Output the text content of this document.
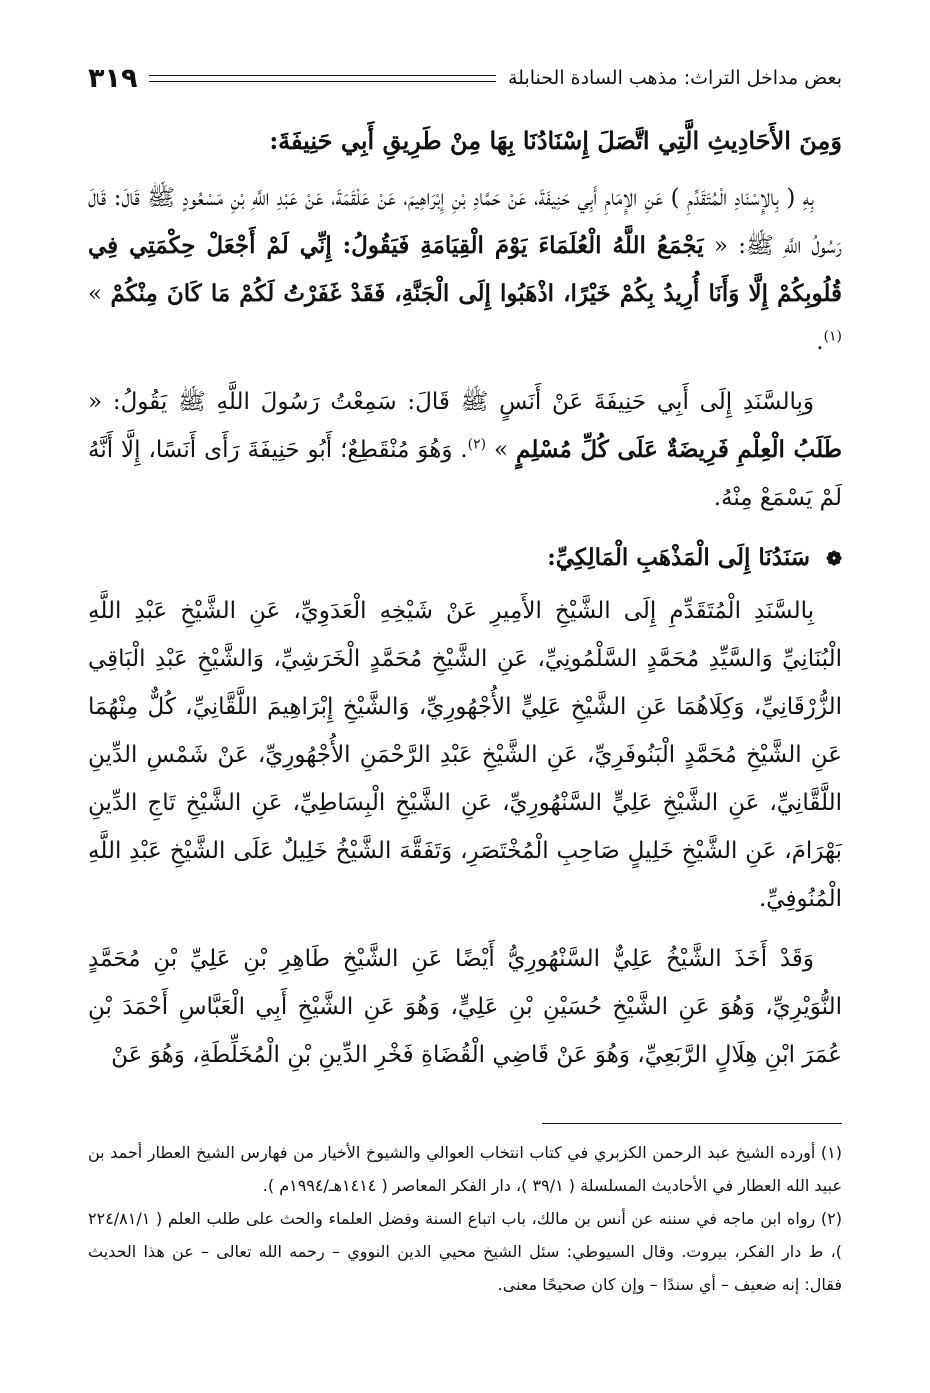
بعض مداخل التراث: مذهب السادة الحنابلة
٣١٩
وَمِنَ الأَحَادِيثِ الَّتِي اتَّصَلَ إِسْنَادُنَا بِهَا مِنْ طَرِيقِ أَبِي حَنِيفَةَ:

بِهِ ( بِالإِسْنَادِ الْمُتَقَدِّمِ ) عَنِ الإِمَامِ أَبِي حَنِيفَةَ، عَنْ حَمَّادِ بْنِ إِبْرَاهِيمَ، عَنْ عَلْقَمَةَ، عَنْ عَبْدِ اللَّهِ بْنِ مَسْعُودٍ ﷺ قَالَ: قَالَ رَسُولُ اللَّهِ ﷺ: « يَجْمَعُ اللَّهُ الْعُلَمَاءَ يَوْمَ الْقِيَامَةِ فَيَقُولُ: إِنِّي لَمْ أَجْعَلْ حِكْمَتِي فِي قُلُوبِكُمْ إِلَّا وَأَنَا أُرِيدُ بِكُمْ خَيْرًا، اذْهَبُوا إِلَى الْجَنَّةِ، فَقَدْ غَفَرْتُ لَكُمْ مَا كَانَ مِنْكُمْ » $^{(١)}$.

وَبِالسَّنَدِ إِلَى أَبِي حَنِيفَةَ عَنْ أَنَسٍ ﷺ قَالَ: سَمِعْتُ رَسُولَ اللَّهِ ﷺ يَقُولُ: « طَلَبُ الْعِلْمِ فَرِيضَةٌ عَلَى كُلِّ مُسْلِمٍ » $^{(٢)}$. وَهُوَ مُنْقَطِعٌ؛ أَبُو حَنِيفَةَ رَأَى أَنَسًا، إِلَّا أَنَّهُ لَمْ يَسْمَعْ مِنْهُ.

❁ سَنَدُنَا إِلَى الْمَذْهَبِ الْمَالِكِيِّ:

بِالسَّنَدِ الْمُتَقَدِّمِ إِلَى الشَّيْخِ الأَمِيرِ عَنْ شَيْخِهِ الْعَدَوِيِّ، عَنِ الشَّيْخِ عَبْدِ اللَّهِ الْبُنَانِيِّ وَالسَّيِّدِ مُحَمَّدٍ السَّلْمُونِيِّ، عَنِ الشَّيْخِ مُحَمَّدٍ الْخَرَشِيِّ، وَالشَّيْخِ عَبْدِ الْبَاقِي الزُّرْقَانِيِّ، وَكِلَاهُمَا عَنِ الشَّيْخِ عَلِيٍّ الأُجْهُورِيِّ، وَالشَّيْخِ إِبْرَاهِيمَ اللَّقَّانِيِّ، كُلٌّ مِنْهُمَا عَنِ الشَّيْخِ مُحَمَّدٍ الْبَنُوفَرِيِّ، عَنِ الشَّيْخِ عَبْدِ الرَّحْمَنِ الأُجْهُورِيِّ، عَنْ شَمْسِ الدِّينِ اللَّقَّانِيِّ، عَنِ الشَّيْخِ عَلِيٍّ السَّنْهُورِيِّ، عَنِ الشَّيْخِ الْبِسَاطِيِّ، عَنِ الشَّيْخِ تَاجِ الدِّينِ بَهْرَامَ، عَنِ الشَّيْخِ خَلِيلٍ صَاحِبِ الْمُخْتَصَرِ، وَتَفَقَّهَ الشَّيْخُ خَلِيلٌ عَلَى الشَّيْخِ عَبْدِ اللَّهِ الْمُنُوفِيِّ.

وَقَدْ أَخَذَ الشَّيْخُ عَلِيٌّ السَّنْهُورِيُّ أَيْضًا عَنِ الشَّيْخِ طَاهِرِ بْنِ عَلِيِّ بْنِ مُحَمَّدٍ النُّوَيْرِيِّ، وَهُوَ عَنِ الشَّيْخِ حُسَيْنِ بْنِ عَلِيٍّ، وَهُوَ عَنِ الشَّيْخِ أَبِي الْعَبَّاسِ أَحْمَدَ بْنِ عُمَرَ ابْنِ هِلَالٍ الرَّبَعِيِّ، وَهُوَ عَنْ قَاضِي الْقُضَاةِ فَخْرِ الدِّينِ بْنِ الْمُخَلِّطَةِ، وَهُوَ عَنْ

(١) أورده الشيخ عبد الرحمن الكزبري في كتاب انتخاب العوالي والشيوخ الأخيار من فهارس الشيخ العطار أحمد بن عبيد الله العطار في الأحاديث المسلسلة ( ٣٩/١ )، دار الفكر المعاصر ( ١٤١٤هـ/١٩٩٤م ).

(٢) رواه ابن ماجه في سننه عن أنس بن مالك، باب اتباع السنة وفضل العلماء والحث على طلب العلم ( ٢٢٤/٨١/١ )، ط دار الفكر، بيروت. وقال السيوطي: سئل الشيخ محيي الدين النووي – رحمه الله تعالى – عن هذا الحديث فقال: إنه ضعيف – أي سندًا – وإن كان صحيحًا معنى.
